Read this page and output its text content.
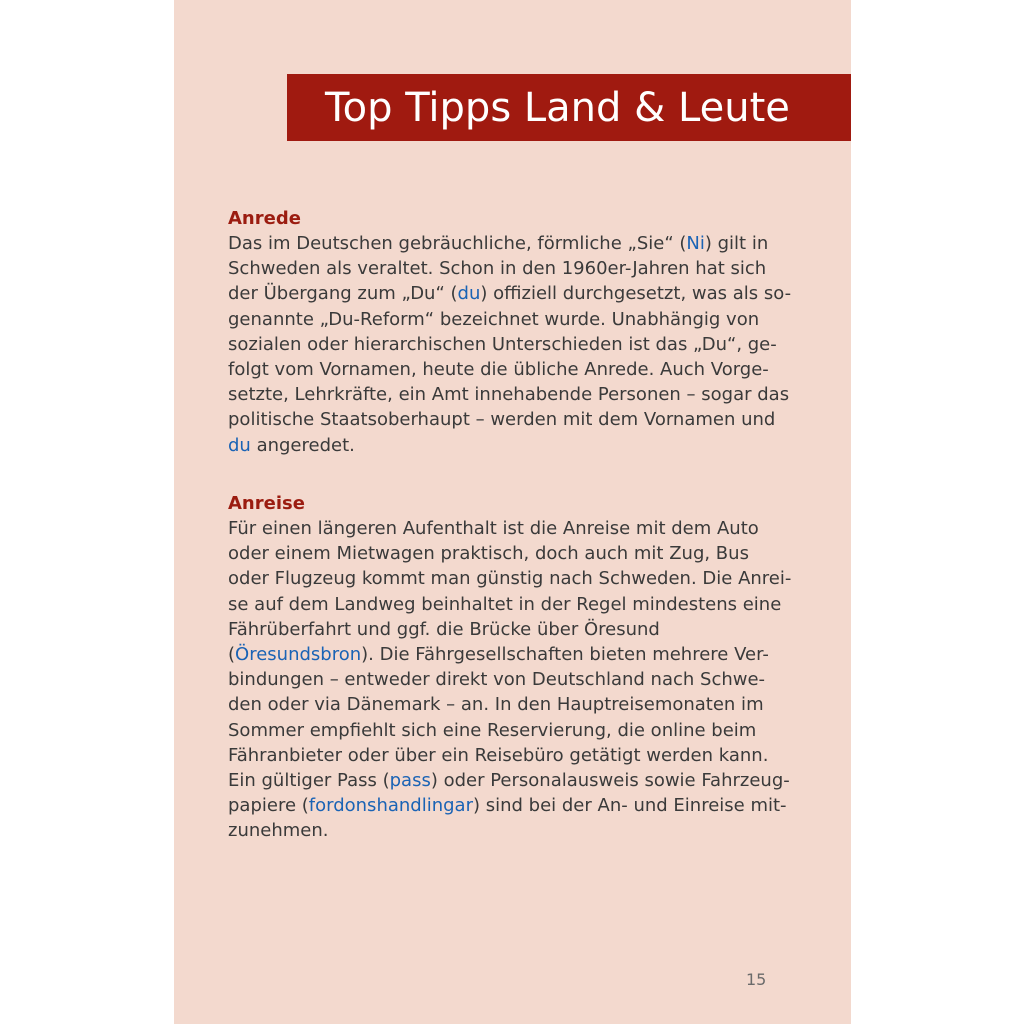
Top Tipps Land & Leute
Anrede
Das im Deutschen gebräuchliche, förmliche „Sie“ (Ni) gilt in
Schweden als veraltet. Schon in den 1960er-Jahren hat sich
der Übergang zum „Du“ (du) offiziell durchgesetzt, was als so-
genannte „Du-Reform“ bezeichnet wurde. Unabhängig von
sozialen oder hierarchischen Unterschieden ist das „Du“, ge-
folgt vom Vornamen, heute die übliche Anrede. Auch Vorge-
setzte, Lehrkräfte, ein Amt innehabende Personen – sogar das
politische Staatsoberhaupt – werden mit dem Vornamen und
du angeredet.
Anreise
Für einen längeren Aufenthalt ist die Anreise mit dem Auto
oder einem Mietwagen praktisch, doch auch mit Zug, Bus
oder Flugzeug kommt man günstig nach Schweden. Die Anrei-
se auf dem Landweg beinhaltet in der Regel mindestens eine
Fährüberfahrt und ggf. die Brücke über Öresund
(Öresundsbron). Die Fährgesellschaften bieten mehrere Ver-
bindungen – entweder direkt von Deutschland nach Schwe-
den oder via Dänemark – an. In den Hauptreisemonaten im
Sommer empfiehlt sich eine Reservierung, die online beim
Fähranbieter oder über ein Reisebüro getätigt werden kann.
Ein gültiger Pass (pass) oder Personalausweis sowie Fahrzeug-
papiere (fordonshandlingar) sind bei der An- und Einreise mit-
zunehmen.
15
